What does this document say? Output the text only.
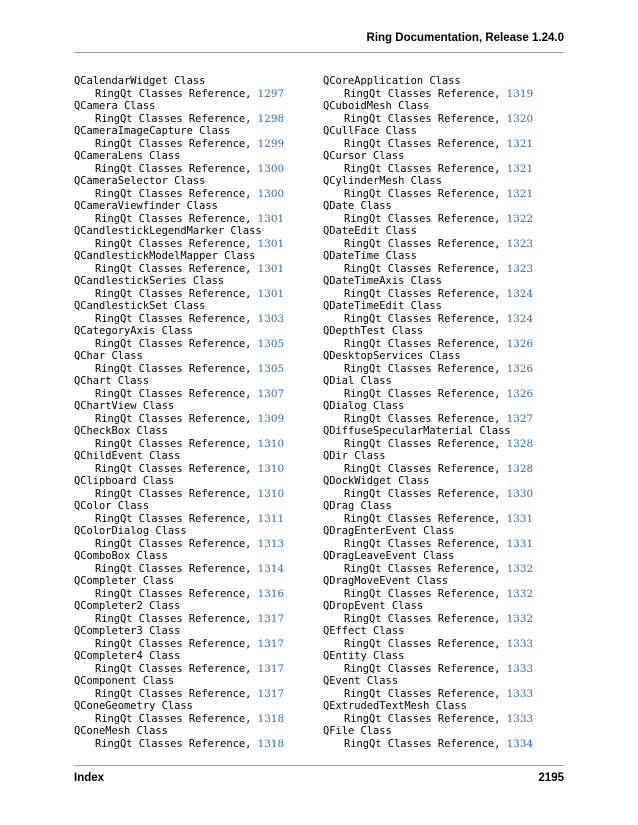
Ring Documentation, Release 1.24.0
QCalendarWidget Class
RingQt Classes Reference, 1297
QCamera Class
RingQt Classes Reference, 1298
QCameraImageCapture Class
RingQt Classes Reference, 1299
QCameraLens Class
RingQt Classes Reference, 1300
QCameraSelector Class
RingQt Classes Reference, 1300
QCameraViewfinder Class
RingQt Classes Reference, 1301
QCandlestickLegendMarker Class
RingQt Classes Reference, 1301
QCandlestickModelMapper Class
RingQt Classes Reference, 1301
QCandlestickSeries Class
RingQt Classes Reference, 1301
QCandlestickSet Class
RingQt Classes Reference, 1303
QCategoryAxis Class
RingQt Classes Reference, 1305
QChar Class
RingQt Classes Reference, 1305
QChart Class
RingQt Classes Reference, 1307
QChartView Class
RingQt Classes Reference, 1309
QCheckBox Class
RingQt Classes Reference, 1310
QChildEvent Class
RingQt Classes Reference, 1310
QClipboard Class
RingQt Classes Reference, 1310
QColor Class
RingQt Classes Reference, 1311
QColorDialog Class
RingQt Classes Reference, 1313
QComboBox Class
RingQt Classes Reference, 1314
QCompleter Class
RingQt Classes Reference, 1316
QCompleter2 Class
RingQt Classes Reference, 1317
QCompleter3 Class
RingQt Classes Reference, 1317
QCompleter4 Class
RingQt Classes Reference, 1317
QComponent Class
RingQt Classes Reference, 1317
QConeGeometry Class
RingQt Classes Reference, 1318
QConeMesh Class
RingQt Classes Reference, 1318
QCoreApplication Class
RingQt Classes Reference, 1319
QCuboidMesh Class
RingQt Classes Reference, 1320
QCullFace Class
RingQt Classes Reference, 1321
QCursor Class
RingQt Classes Reference, 1321
QCylinderMesh Class
RingQt Classes Reference, 1321
QDate Class
RingQt Classes Reference, 1322
QDateEdit Class
RingQt Classes Reference, 1323
QDateTime Class
RingQt Classes Reference, 1323
QDateTimeAxis Class
RingQt Classes Reference, 1324
QDateTimeEdit Class
RingQt Classes Reference, 1324
QDepthTest Class
RingQt Classes Reference, 1326
QDesktopServices Class
RingQt Classes Reference, 1326
QDial Class
RingQt Classes Reference, 1326
QDialog Class
RingQt Classes Reference, 1327
QDiffuseSpecularMaterial Class
RingQt Classes Reference, 1328
QDir Class
RingQt Classes Reference, 1328
QDockWidget Class
RingQt Classes Reference, 1330
QDrag Class
RingQt Classes Reference, 1331
QDragEnterEvent Class
RingQt Classes Reference, 1331
QDragLeaveEvent Class
RingQt Classes Reference, 1332
QDragMoveEvent Class
RingQt Classes Reference, 1332
QDropEvent Class
RingQt Classes Reference, 1332
QEffect Class
RingQt Classes Reference, 1333
QEntity Class
RingQt Classes Reference, 1333
QEvent Class
RingQt Classes Reference, 1333
QExtrudedTextMesh Class
RingQt Classes Reference, 1333
QFile Class
RingQt Classes Reference, 1334
Index	2195
